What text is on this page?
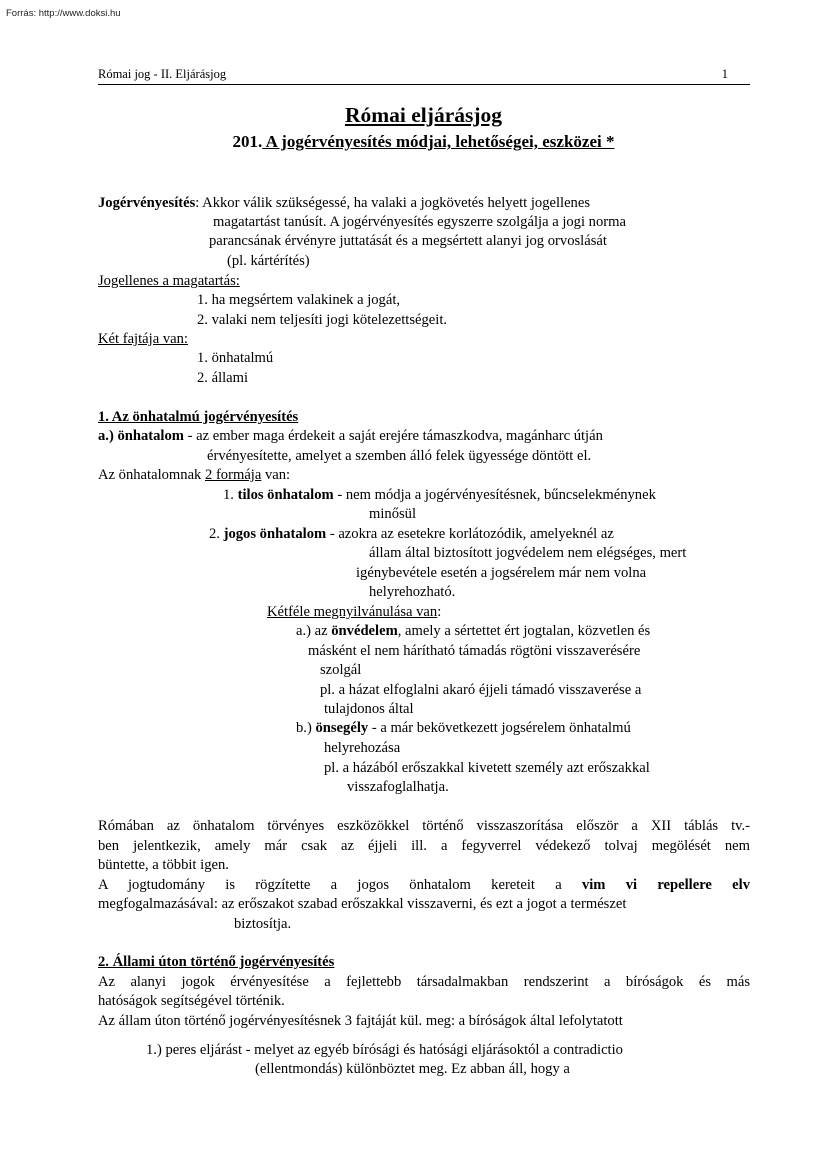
Forrás: http://www.doksi.hu
Római jog - II. Eljárásjog	1
Római eljárásjog
201. A jogérvényesítés módjai, lehetőségei, eszközei *
Jogérvényesítés: Akkor válik szükségessé, ha valaki a jogkövetés helyett jogellenes
magatartást tanúsít. A jogérvényesítés egyszerre szolgálja a jogi norma
parancsának érvényre juttatását és a megsértett alanyi jog orvoslását
(pl. kártérítés)
Jogellenes a magatartás:
1. ha megsértem valakinek a jogát,
2. valaki nem teljesíti jogi kötelezettségeit.
Két fajtája van:
1. önhatalmú
2. állami
1. Az önhatalmú jogérvényesítés
a.) önhatalom - az ember maga érdekeit a saját erejére támaszkodva, magánharc útján
érvényesítette, amelyet a szemben álló felek ügyessége döntött el.
Az önhatalomnak 2 formája van:
1. tilos önhatalom - nem módja a jogérvényesítésnek, bűncselekménynek
minősül
2. jogos önhatalom - azokra az esetekre korlátozódik, amelyeknél az
állam által biztosított jogvédelem nem elégséges, mert
igénybevétele esetén a jogsérelem már nem volna
helyrehozható.
Kétféle megnyilvánulása van:
a.) az önvédelem, amely a sértettet ért jogtalan, közvetlen és
másként el nem hárítható támadás rögtöni visszaverésére
szolgál
pl. a házat elfoglalni akaró éjjeli támadó visszaverése a
tulajdonos által
b.) önsegély - a már bekövetkezett jogsérelem önhatalmú
helyrehozása
pl. a házából erőszakkal kivetett személy azt erőszakkal
visszafoglalhatja.
Rómában az önhatalom törvényes eszközökkel történő visszaszorítása először a XII táblás tv.-
ben jelentkezik, amely már csak az éjjeli ill. a fegyverrel védekező tolvaj megölését nem
büntette, a többit igen.
A jogtudomány is rögzítette a jogos önhatalom kereteit a vim vi repellere elv
megfogalmazásával: az erőszakot szabad erőszakkal visszaverni, és ezt a jogot a természet
biztosítja.
2. Állami úton történő jogérvényesítés
Az alanyi jogok érvényesítése a fejlettebb társadalmakban rendszerint a bíróságok és más
hatóságok segítségével történik.
Az állam úton történő jogérvényesítésnek 3 fajtáját kül. meg: a bíróságok által lefolytatott
1.) peres eljárást - melyet az egyéb bírósági és hatósági eljárásoktól a contradictio
(ellentmondás) különböztet meg. Ez abban áll, hogy a
